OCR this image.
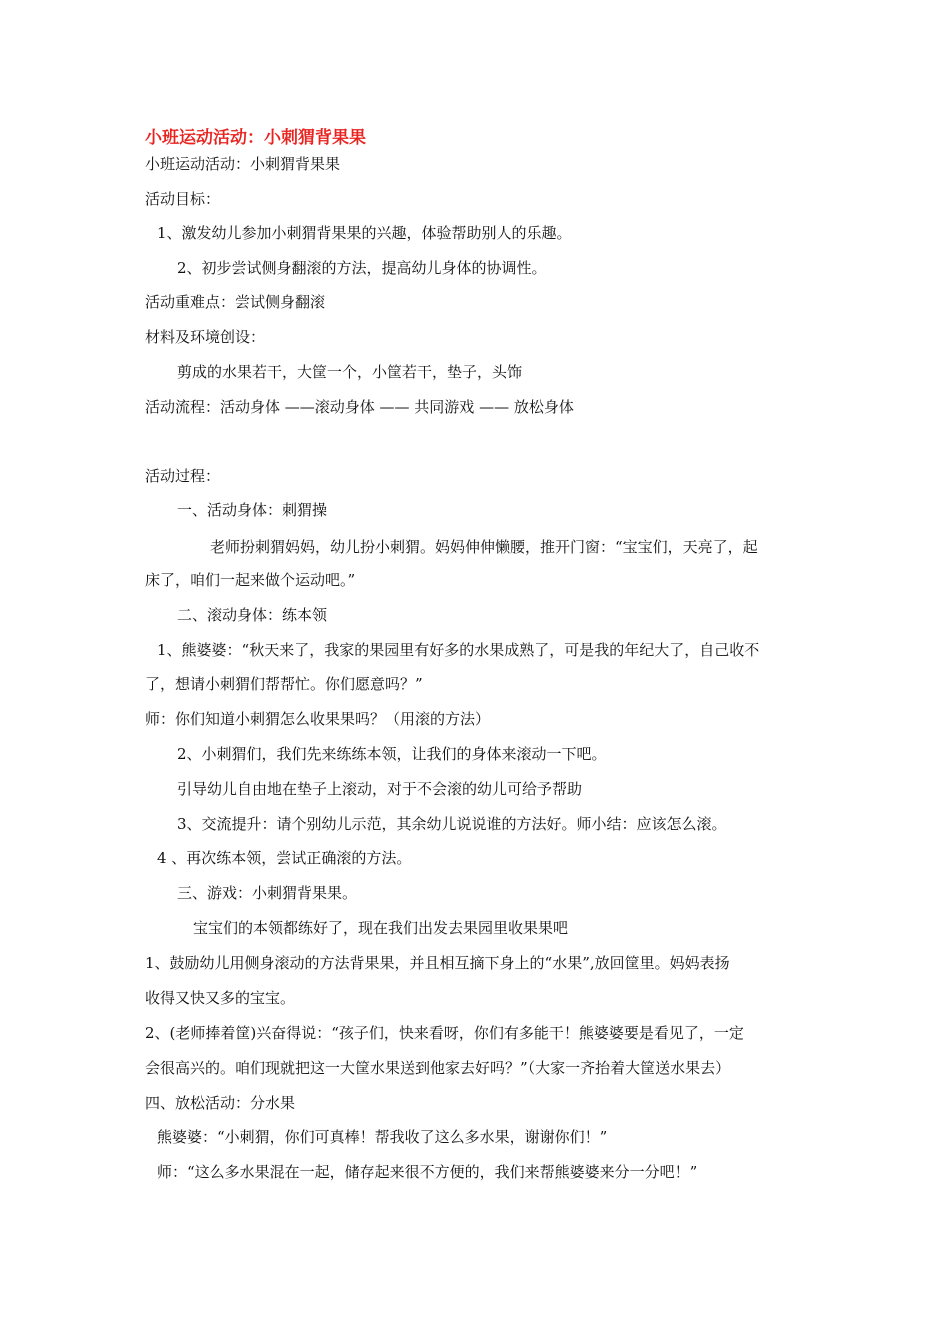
小班运动活动：小刺猬背果果
小班运动活动：小刺猬背果果
活动目标：
1、激发幼儿参加小刺猬背果果的兴趣，体验帮助别人的乐趣。
2、初步尝试侧身翻滚的方法，提高幼儿身体的协调性。
活动重难点：尝试侧身翻滚
材料及环境创设：
剪成的水果若干，大筐一个，小筐若干，垫子，头饰
活动流程：活动身体 ——滚动身体 —— 共同游戏 —— 放松身体
活动过程：
一、活动身体：刺猬操
老师扮刺猬妈妈，幼儿扮小刺猬。妈妈伸伸懒腰，推开门窗：“宝宝们，天亮了，起
床了，咱们一起来做个运动吧。”
二、滚动身体：练本领
1、熊婆婆：“秋天来了，我家的果园里有好多的水果成熟了，可是我的年纪大了，自己收不
了，想请小刺猬们帮帮忙。你们愿意吗？”
师：你们知道小刺猬怎么收果果吗？（用滚的方法）
2、小刺猬们，我们先来练练本领，让我们的身体来滚动一下吧。
引导幼儿自由地在垫子上滚动，对于不会滚的幼儿可给予帮助
3、交流提升：请个别幼儿示范，其余幼儿说说谁的方法好。师小结：应该怎么滚。
4 、再次练本领，尝试正确滚的方法。
三、游戏：小刺猬背果果。
宝宝们的本领都练好了，现在我们出发去果园里收果果吧
1、鼓励幼儿用侧身滚动的方法背果果，并且相互摘下身上的“水果”,放回筐里。妈妈表扬
收得又快又多的宝宝。
2、(老师捧着筐)兴奋得说：“孩子们，快来看呀，你们有多能干！熊婆婆要是看见了，一定
会很高兴的。咱们现就把这一大筐水果送到他家去好吗？”（大家一齐抬着大筐送水果去）
四、放松活动：分水果
熊婆婆：“小刺猬，你们可真棒！帮我收了这么多水果，谢谢你们！”
师：“这么多水果混在一起，储存起来很不方便的，我们来帮熊婆婆来分一分吧！”
